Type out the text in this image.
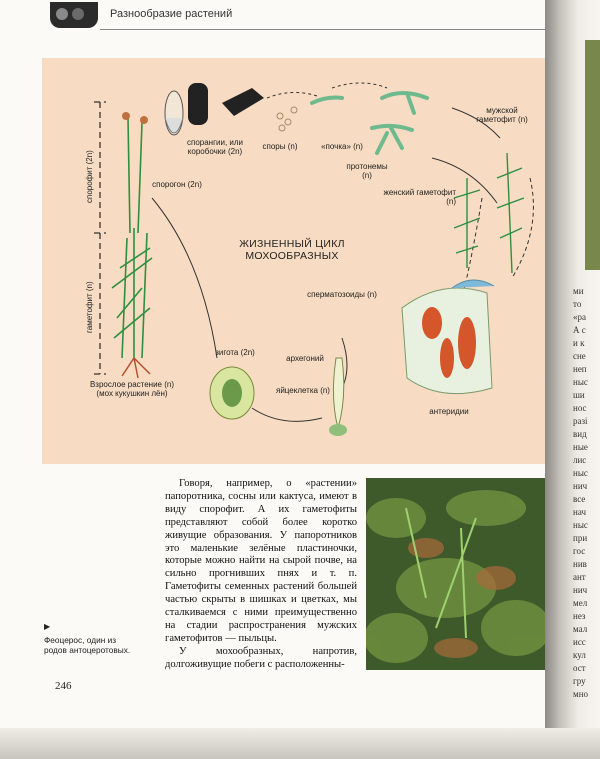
Разнообразие растений
спорангии, или коробочки (2n)
споры (n)	«почка» (n)
протонемы (n)
мужской гаметофит (n)
женский гаметофит (n)
спорогон (2n)
спорофит (2n)
гаметофит (n)
ЖИЗНЕННЫЙ ЦИКЛ
МОХООБРАЗНЫХ
сперматозоиды (n)
зигота (2n)
архегоний
яйцеклетка (n)
антеридии
Взрослое растение (n) (мох кукушкин лён)

Говоря, например, о «растении» папоротника, сосны или кактуса, имеют в виду спорофит. А их гаметофиты представляют собой более коротко живущие образования. У папоротников это маленькие зелёные пластиночки, которые можно найти на сырой почве, на сильно прогнивших пнях и т. п. Гаметофиты семенных растений большей частью скрыты в шишках и цветках, мы сталкиваемся с ними преимущественно на стадии распространения мужских гаметофитов — пыльцы.

У мохообразных, напротив, долгоживущие побеги с расположенны-

▶
Феоцерос, один из родов антоцеротовых.
246
ми
то
«ра
А с
и к
сне
неп
ныс
ши
нос
разі
вид
ные
лис
ныс
нич
все
нач
ныс
при
гос
нив
ант
нич
мел
нез
мал
исс
кул
ост
гру
мно
